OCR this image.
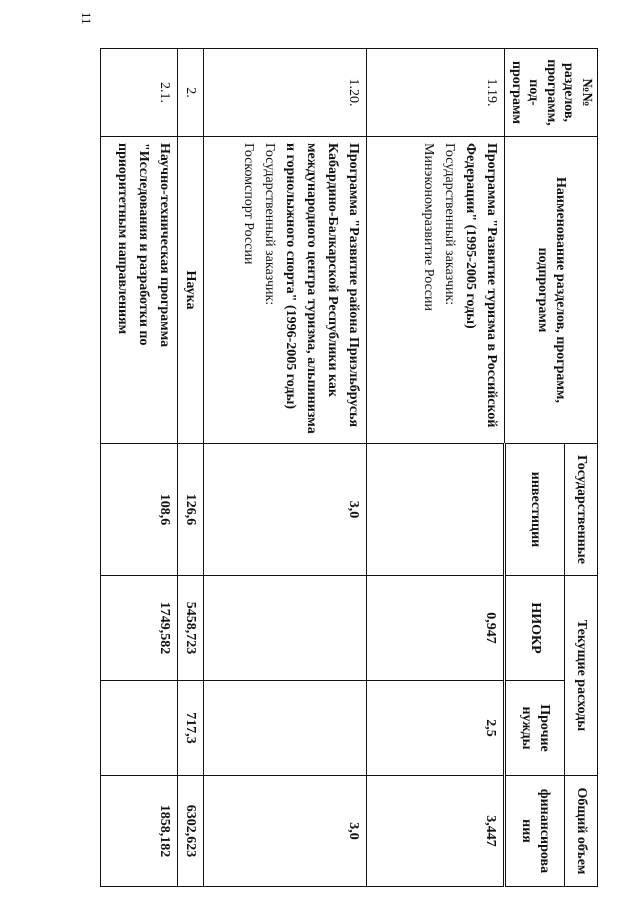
11
№№ разделов, программ, под-программ	Наименование разделов, программ, подпрограмм	Государственные	Текущие расходы		Общий объем
		инвестиции	НИОКР	Прочие нужды	финансирова ния
1.19.	Программа "Развитие туризма в Российской Федерации" (1995-2005 годы)
Государственный заказчик:
Минэкономразвитие России		0,947	2,5	3,447
1.20.	Программа "Развитие района Приэльбрусья Кабардино-Балкарской Республики как международного центра туризма, альпинизма и горнолыжного спорта" (1996-2005 годы)
Государственный заказчик:
Госкомспорт России	3,0			3,0
2.	Наука	126,6	5458,723	717,3	6302,623
2.1.	Научно-техническая программа "Исследования и разработки по приоритетным направлениям	108,6	1749,582		1858,182
